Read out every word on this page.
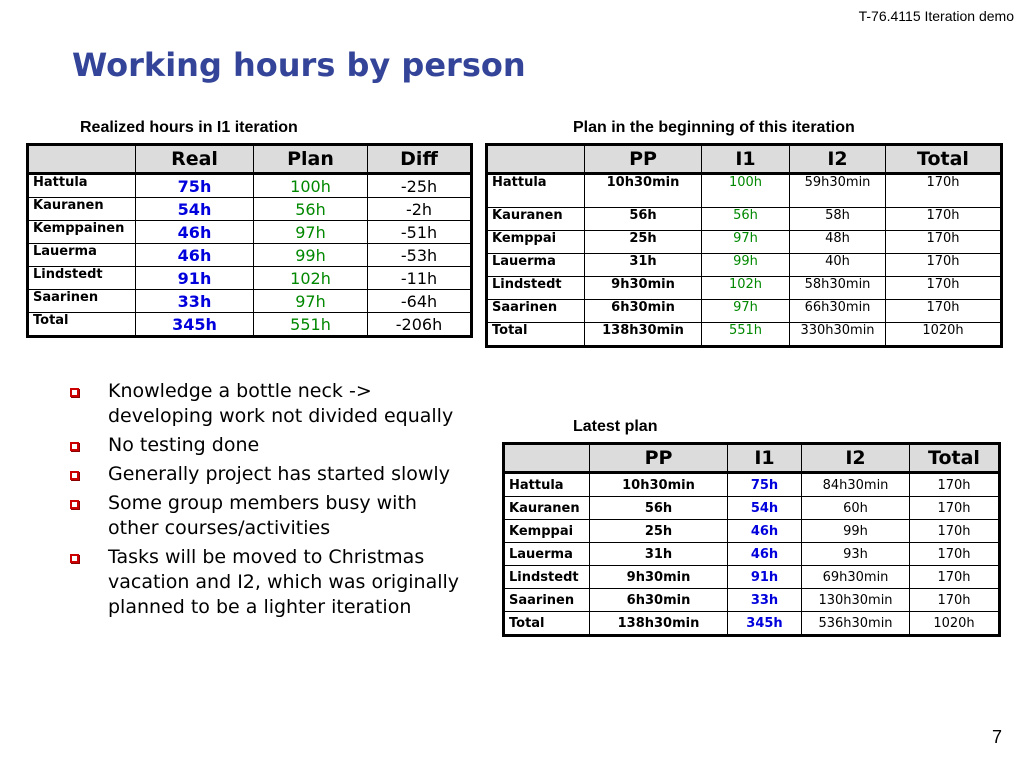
T-76.4115 Iteration demo
Working hours by person
Realized hours in I1 iteration
	Real	Plan	Diff
Hattula	75h	100h	-25h
Kauranen	54h	56h	-2h
Kemppainen	46h	97h	-51h
Lauerma	46h	99h	-53h
Lindstedt	91h	102h	-11h
Saarinen	33h	97h	-64h
Total	345h	551h	-206h
Plan in the beginning of this iteration
	PP	I1	I2	Total
Hattula	10h30min	100h	59h30min	170h
Kauranen	56h	56h	58h	170h
Kemppai	25h	97h	48h	170h
Lauerma	31h	99h	40h	170h
Lindstedt	9h30min	102h	58h30min	170h
Saarinen	6h30min	97h	66h30min	170h
Total	138h30min	551h	330h30min	1020h
Latest plan
	PP	I1	I2	Total
Hattula	10h30min	75h	84h30min	170h
Kauranen	56h	54h	60h	170h
Kemppai	25h	46h	99h	170h
Lauerma	31h	46h	93h	170h
Lindstedt	9h30min	91h	69h30min	170h
Saarinen	6h30min	33h	130h30min	170h
Total	138h30min	345h	536h30min	1020h
Knowledge a bottle neck -> developing work not divided equally
No testing done
Generally project has started slowly
Some group members busy with other courses/activities
Tasks will be moved to Christmas vacation and I2, which was originally planned to be a lighter iteration
7
